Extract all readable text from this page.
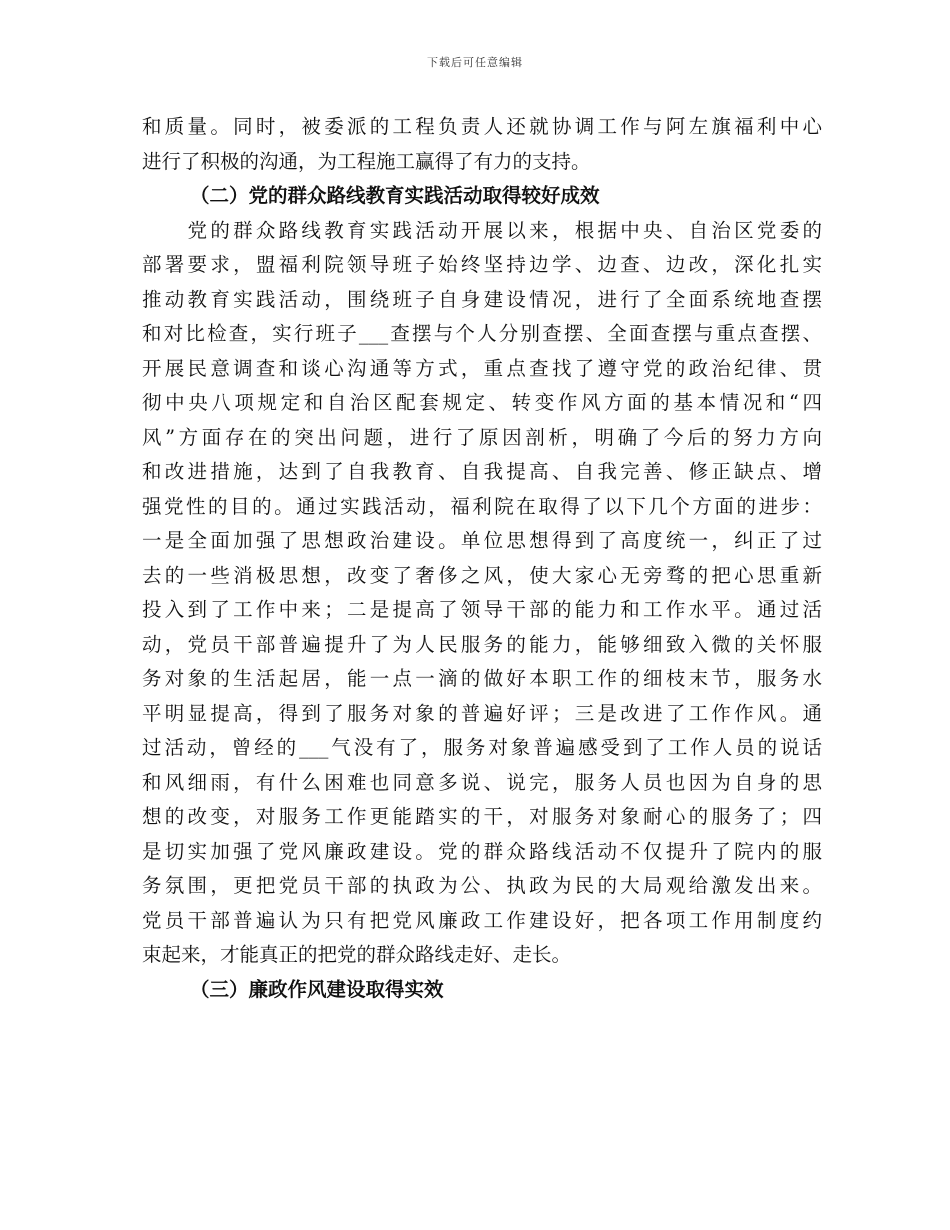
下载后可任意编辑
和质量。同时，被委派的工程负责人还就协调工作与阿左旗福利中心
进行了积极的沟通，为工程施工赢得了有力的支持。
（二）党的群众路线教育实践活动取得较好成效
　　党的群众路线教育实践活动开展以来，根据中央、自治区党委的
部署要求，盟福利院领导班子始终坚持边学、边查、边改，深化扎实
推动教育实践活动，围绕班子自身建设情况，进行了全面系统地查摆
和对比检查，实行班子___查摆与个人分别查摆、全面查摆与重点查摆、
开展民意调查和谈心沟通等方式，重点查找了遵守党的政治纪律、贯
彻中央八项规定和自治区配套规定、转变作风方面的基本情况和“四
风”方面存在的突出问题，进行了原因剖析，明确了今后的努力方向
和改进措施，达到了自我教育、自我提高、自我完善、修正缺点、增
强党性的目的。通过实践活动，福利院在取得了以下几个方面的进步：
一是全面加强了思想政治建设。单位思想得到了高度统一，纠正了过
去的一些消极思想，改变了奢侈之风，使大家心无旁骛的把心思重新
投入到了工作中来；二是提高了领导干部的能力和工作水平。通过活
动，党员干部普遍提升了为人民服务的能力，能够细致入微的关怀服
务对象的生活起居，能一点一滴的做好本职工作的细枝末节，服务水
平明显提高，得到了服务对象的普遍好评；三是改进了工作作风。通
过活动，曾经的___气没有了，服务对象普遍感受到了工作人员的说话
和风细雨，有什么困难也同意多说、说完，服务人员也因为自身的思
想的改变，对服务工作更能踏实的干，对服务对象耐心的服务了；四
是切实加强了党风廉政建设。党的群众路线活动不仅提升了院内的服
务氛围，更把党员干部的执政为公、执政为民的大局观给激发出来。
党员干部普遍认为只有把党风廉政工作建设好，把各项工作用制度约
束起来，才能真正的把党的群众路线走好、走长。
（三）廉政作风建设取得实效
